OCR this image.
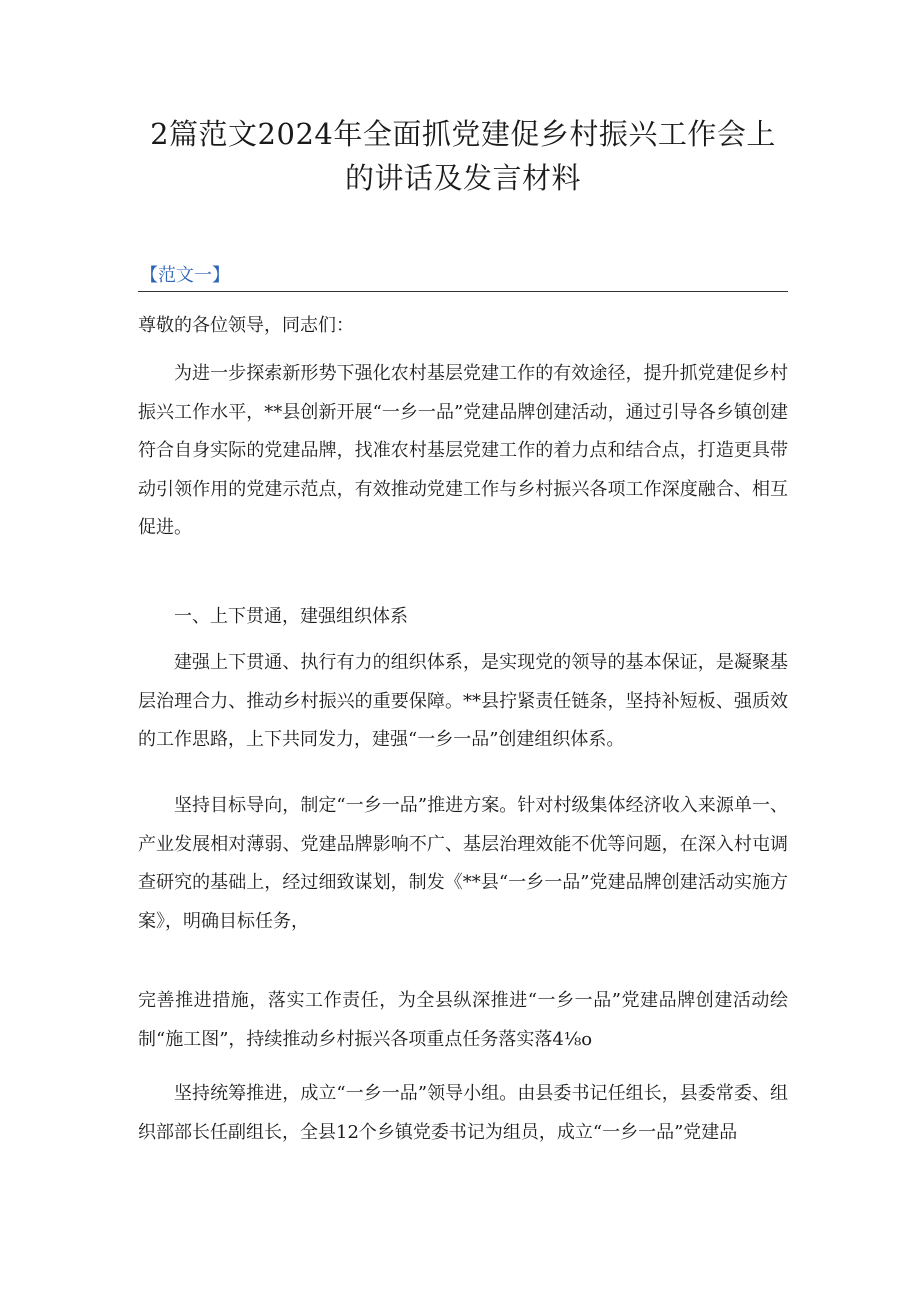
2篇范文2024年全面抓党建促乡村振兴工作会上的讲话及发言材料
【范文一】

尊敬的各位领导，同志们：

为进一步探索新形势下强化农村基层党建工作的有效途径，提升抓党建促乡村振兴工作水平，**县创新开展“一乡一品”党建品牌创建活动，通过引导各乡镇创建符合自身实际的党建品牌，找准农村基层党建工作的着力点和结合点，打造更具带动引领作用的党建示范点，有效推动党建工作与乡村振兴各项工作深度融合、相互促进。

一、上下贯通，建强组织体系

建强上下贯通、执行有力的组织体系，是实现党的领导的基本保证，是凝聚基层治理合力、推动乡村振兴的重要保障。**县拧紧责任链条，坚持补短板、强质效的工作思路，上下共同发力，建强“一乡一品”创建组织体系。

坚持目标导向，制定“一乡一品”推进方案。针对村级集体经济收入来源单一、产业发展相对薄弱、党建品牌影响不广、基层治理效能不优等问题，在深入村屯调查研究的基础上，经过细致谋划，制发《**县“一乡一品”党建品牌创建活动实施方案》，明确目标任务，

完善推进措施，落实工作责任，为全县纵深推进“一乡一品”党建品牌创建活动绘制“施工图”，持续推动乡村振兴各项重点任务落实落4⅛o

坚持统筹推进，成立“一乡一品”领导小组。由县委书记任组长，县委常委、组织部部长任副组长，全县12个乡镇党委书记为组员，成立“一乡一品”党建品
